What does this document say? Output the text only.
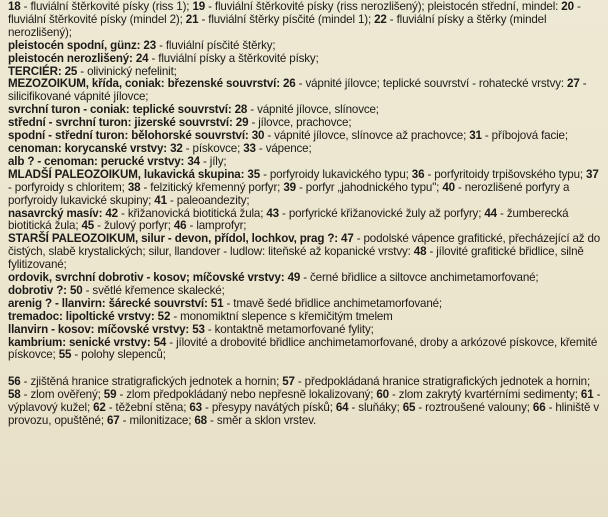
18 - fluviální štěrkovité písky (riss 1); 19 - fluviální štěrkovité písky (riss nerozlišený); pleistocén střední, mindel: 20 - fluviální štěrkovité písky (mindel 2); 21 - fluviální štěrky písčité (mindel 1); 22 - fluviální písky a štěrky (mindel nerozlišený);

pleistocén spodní, günz: 23 - fluviální písčité štěrky;

pleistocén nerozlišený: 24 - fluviální písky a štěrkovité písky;

TERCIÉR: 25 - olivinický nefelinit;

MEZOZOIKUM, křída, coniak: březenské souvrství: 26 - vápnité jílovce; teplické souvrství - rohatecké vrstvy: 27 - silicifikované vápnité jílovce;

svrchní turon - coniak: teplické souvrství: 28 - vápnité jílovce, slínovce;

střední - svrchní turon: jizerské souvrství: 29 - jílovce, prachovce;

spodní - střední turon: bělohorské souvrství: 30 - vápnité jílovce, slínovce až prachovce; 31 - příbojová facie;

cenoman: korycanské vrstvy: 32 - pískovce; 33 - vápence;

alb ? - cenoman: perucké vrstvy: 34 - jíly;

MLADŠÍ PALEOZOIKUM, lukavická skupina: 35 - porfyroidy lukavického typu; 36 - porfyritoidy trpišovského typu; 37 - porfyroidy s chloritem; 38 - felzitický křemenný porfyr; 39 - porfyr „jahodnického typu"; 40 - nerozlišené porfyry a porfyroidy lukavické skupiny; 41 - paleoandezity;

nasavrcký masív: 42 - křižanovická biotitická žula; 43 - porfyrické křižanovické žuly až porfyry; 44 - žumberecká biotitická žula; 45 - žulový porfyr; 46 - lamprofyr;

STARŠÍ PALEOZOIKUM, silur - devon, přídol, lochkov, prag ?: 47 - podolské vápence grafitické, přecházející až do čistých, slabě krystalických; silur, llandover - ludlow: liteňské až kopanické vrstvy: 48 - jílovité grafitické břidlice, silně fylitizované;

ordovik, svrchní dobrotiv - kosov; míčovské vrstvy: 49 - černé břidlice a siltovce anchimetamorfované;

dobrotiv ?: 50 - světlé křemence skalecké;

arenig ? - llanvirn: šárecké souvrství: 51 - tmavě šedé břidlice anchimetamorfované;

tremadoc: lipoltické vrstvy: 52 - monomiktní slepence s křemičitým tmelem

llanvirn - kosov: míčovské vrstvy: 53 - kontaktně metamorfované fylity;

kambrium: senické vrstvy: 54 - jílovité a drobovité břidlice anchimetamorfované, droby a arkózové pískovce, křemité pískovce; 55 - polohy slepenců;

56 - zjištěná hranice stratigrafických jednotek a hornin; 57 - předpokládaná hranice stratigrafických jednotek a hornin; 58 - zlom ověřený; 59 - zlom předpokládaný nebo nepřesně lokalizovaný; 60 - zlom zakrytý kvartérními sedimenty; 61 - výplavový kužel; 62 - těžební stěna; 63 - přesypy navátých písků; 64 - sluňáky; 65 - roztroušené valouny; 66 - hliniště v provozu, opuštěné; 67 - milonitizace; 68 - směr a sklon vrstev.
